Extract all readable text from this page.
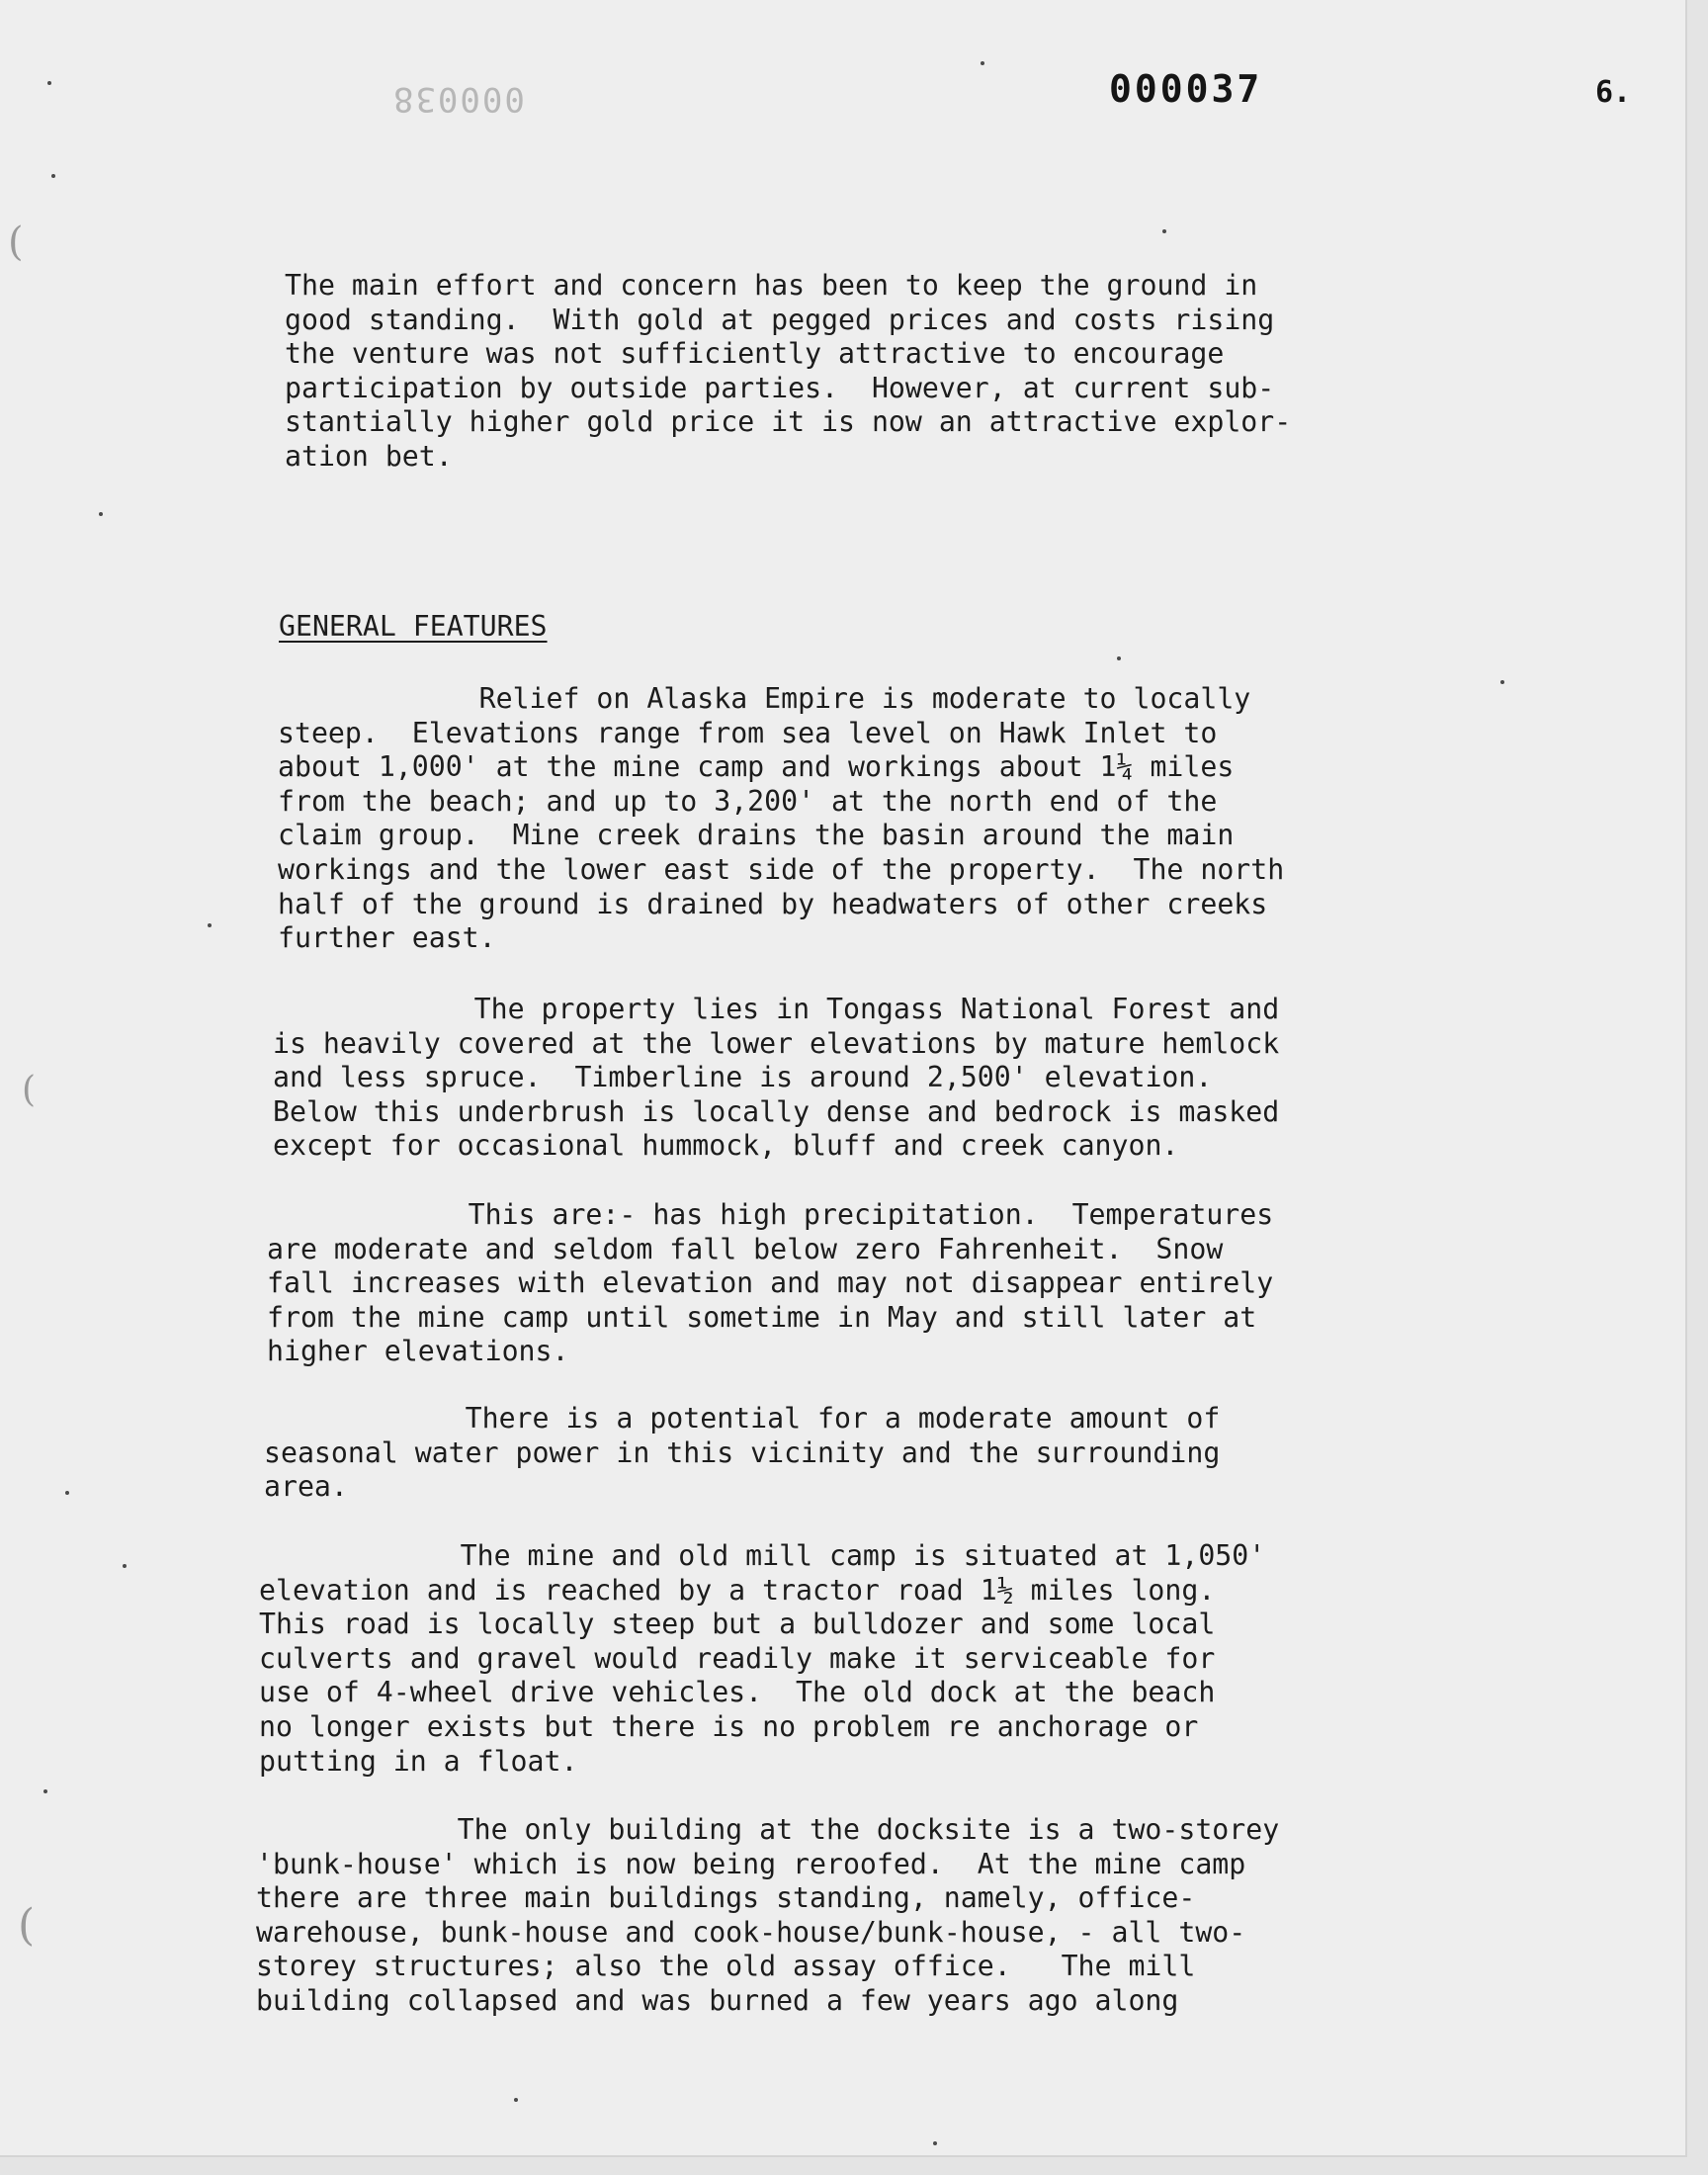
000038	000037	6.

The main effort and concern has been to keep the ground in
good standing.  With gold at pegged prices and costs rising
the venture was not sufficiently attractive to encourage
participation by outside parties.  However, at current sub-
stantially higher gold price it is now an attractive explor-
ation bet.

GENERAL FEATURES

Relief on Alaska Empire is moderate to locally
steep.  Elevations range from sea level on Hawk Inlet to
about 1,000' at the mine camp and workings about 1¼ miles
from the beach; and up to 3,200' at the north end of the
claim group.  Mine creek drains the basin around the main
workings and the lower east side of the property.  The north
half of the ground is drained by headwaters of other creeks
further east.

The property lies in Tongass National Forest and
is heavily covered at the lower elevations by mature hemlock
and less spruce.  Timberline is around 2,500' elevation.
Below this underbrush is locally dense and bedrock is masked
except for occasional hummock, bluff and creek canyon.

This are:- has high precipitation.  Temperatures
are moderate and seldom fall below zero Fahrenheit.  Snow
fall increases with elevation and may not disappear entirely
from the mine camp until sometime in May and still later at
higher elevations.

There is a potential for a moderate amount of
seasonal water power in this vicinity and the surrounding
area.

The mine and old mill camp is situated at 1,050'
elevation and is reached by a tractor road 1½ miles long.
This road is locally steep but a bulldozer and some local
culverts and gravel would readily make it serviceable for
use of 4-wheel drive vehicles.  The old dock at the beach
no longer exists but there is no problem re anchorage or
putting in a float.

The only building at the docksite is a two-storey
'bunk-house' which is now being reroofed.  At the mine camp
there are three main buildings standing, namely, office-
warehouse, bunk-house and cook-house/bunk-house, - all two-
storey structures; also the old assay office.   The mill
building collapsed and was burned a few years ago along

(
(
(
